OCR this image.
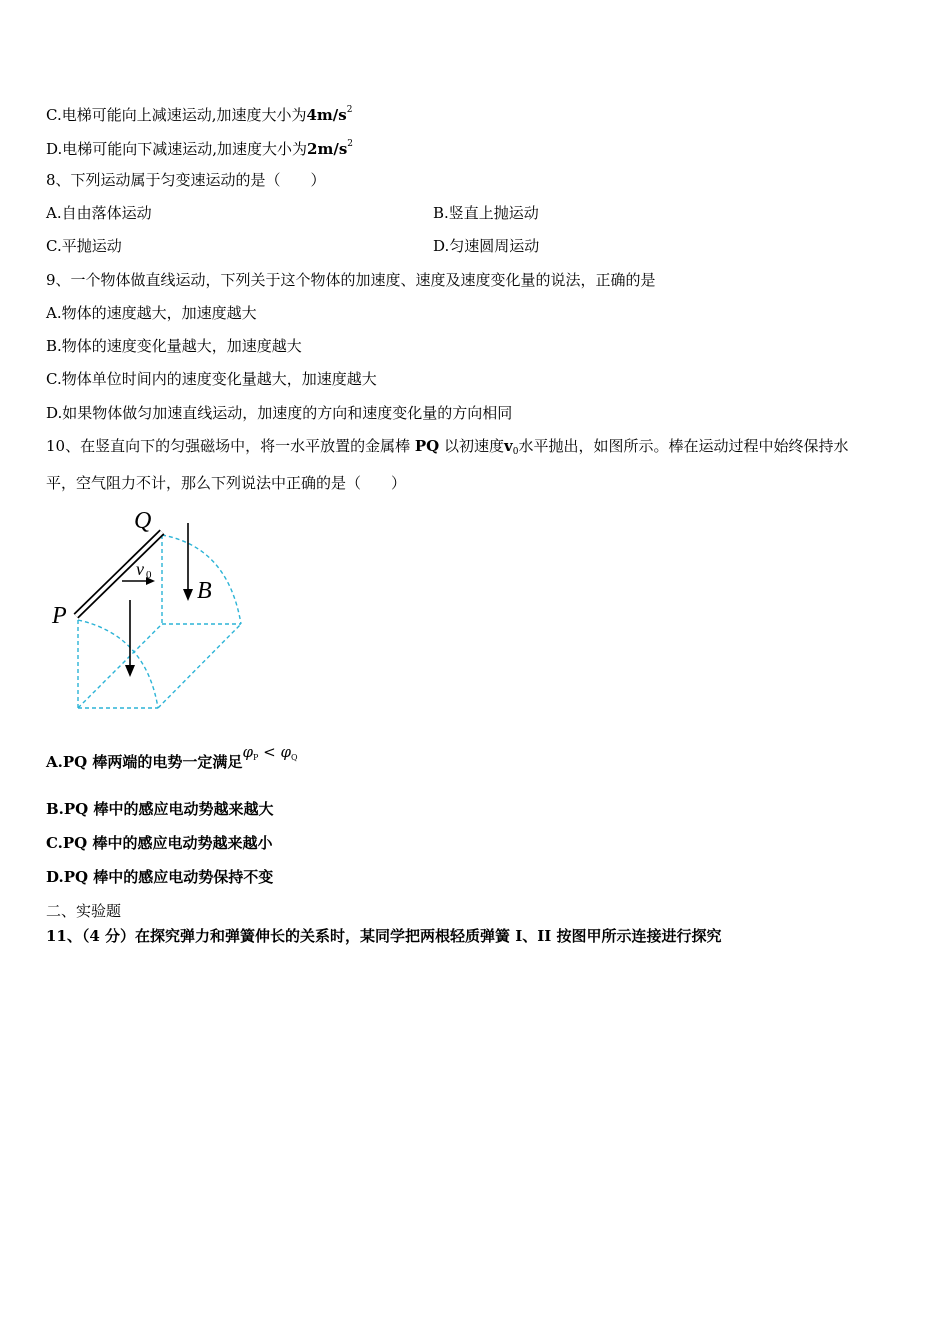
C.电梯可能向上减速运动,加速度大小为$4m/s^2$
D.电梯可能向下减速运动,加速度大小为$2m/s^2$
8、下列运动属于匀变速运动的是（　　）
A.自由落体运动	B.竖直上抛运动
C.平抛运动	D.匀速圆周运动
9、一个物体做直线运动，下列关于这个物体的加速度、速度及速度变化量的说法，正确的是
A.物体的速度越大，加速度越大
B.物体的速度变化量越大，加速度越大
C.物体单位时间内的速度变化量越大，加速度越大
D.如果物体做匀加速直线运动，加速度的方向和速度变化量的方向相同
10、在竖直向下的匀强磁场中，将一水平放置的金属棒 PQ 以初速度$v_0$水平抛出，如图所示。棒在运动过程中始终保持水
平，空气阻力不计，那么下列说法中正确的是（　　）
Q
P
B
v 0
A.PQ 棒两端的电势一定满足$\varphi_P < \varphi_Q$
B.PQ 棒中的感应电动势越来越大
C.PQ 棒中的感应电动势越来越小
D.PQ 棒中的感应电动势保持不变
二、实验题
11、（4 分）在探究弹力和弹簧伸长的关系时，某同学把两根轻质弹簧 I、II 按图甲所示连接进行探究
